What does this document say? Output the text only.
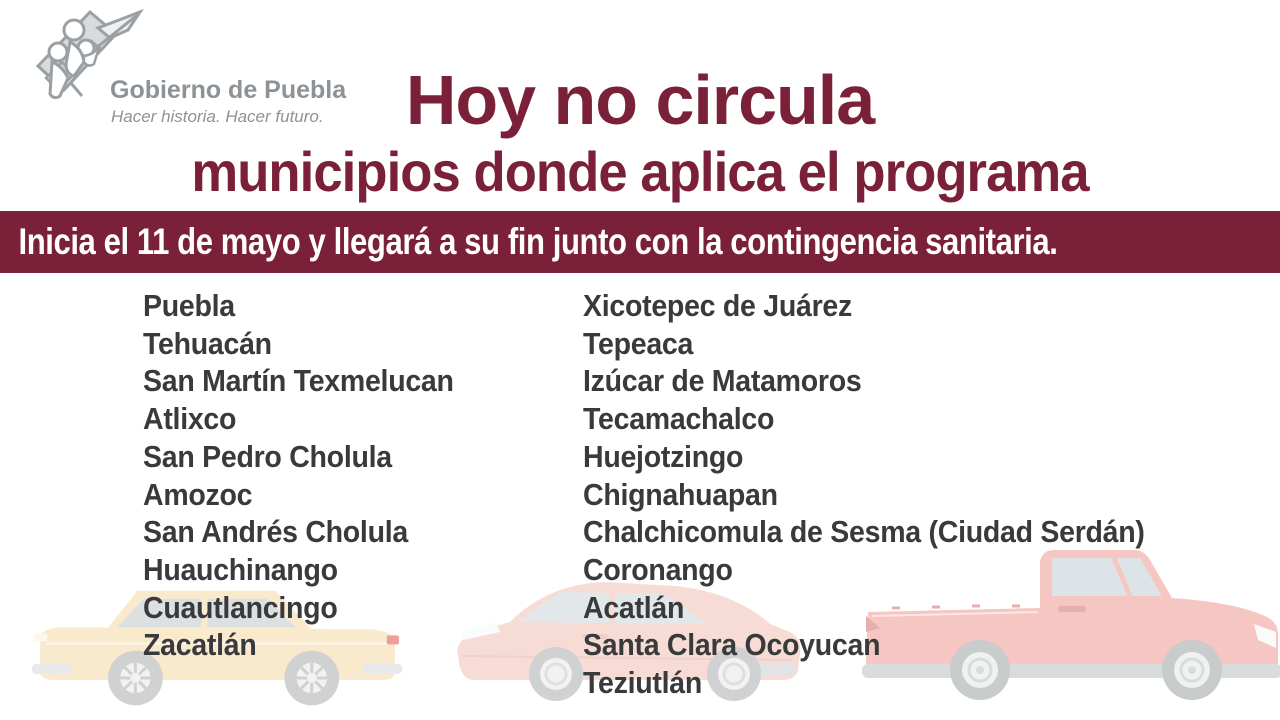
Gobierno de Puebla
Hacer historia. Hacer futuro.	Hoy no circula
municipios donde aplica el programa
Inicia el 11 de mayo y llegará a su fin junto con la contingencia sanitaria.
Puebla
Tehuacán
San Martín Texmelucan
Atlixco
San Pedro Cholula
Amozoc
San Andrés Cholula
Huauchinango
Cuautlancingo
Zacatlán
Xicotepec de Juárez
Tepeaca
Izúcar de Matamoros
Tecamachalco
Huejotzingo
Chignahuapan
Chalchicomula de Sesma (Ciudad Serdán)
Coronango
Acatlán
Santa Clara Ocoyucan
Teziutlán
